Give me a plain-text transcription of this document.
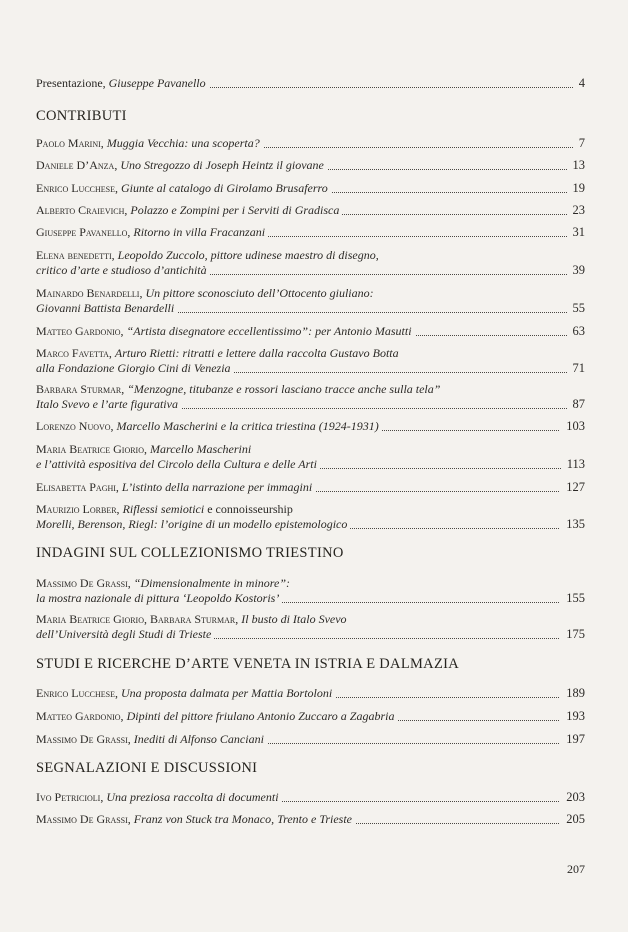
Presentazione, Giuseppe Pavanello	4
CONTRIBUTI
Paolo Marini, Muggia Vecchia: una scoperta?	7
Daniele D’Anza, Uno Stregozzo di Joseph Heintz il giovane	13
Enrico Lucchese, Giunte al catalogo di Girolamo Brusaferro	19
Alberto Craievich, Polazzo e Zompini per i Serviti di Gradisca	23
Giuseppe Pavanello, Ritorno in villa Fracanzani	31
Elena benedetti, Leopoldo Zuccolo, pittore udinese maestro di disegno,
critico d’arte e studioso d’antichità	39
Mainardo Benardelli, Un pittore sconosciuto dell’Ottocento giuliano:
Giovanni Battista Benardelli	55
Matteo Gardonio, “Artista disegnatore eccellentissimo”: per Antonio Masutti	63
Marco Favetta, Arturo Rietti: ritratti e lettere dalla raccolta Gustavo Botta
alla Fondazione Giorgio Cini di Venezia	71
Barbara Sturmar, “Menzogne, titubanze e rossori lasciano tracce anche sulla tela”
Italo Svevo e l’arte figurativa	87
Lorenzo Nuovo, Marcello Mascherini e la critica triestina (1924-1931)	103
Maria Beatrice Giorio, Marcello Mascherini
e l’attività espositiva del Circolo della Cultura e delle Arti	113
Elisabetta Paghi, L’istinto della narrazione per immagini	127
Maurizio Lorber, Riflessi semiotici e connoisseurship
Morelli, Berenson, Riegl: l’origine di un modello epistemologico	135
INDAGINI SUL COLLEZIONISMO TRIESTINO
Massimo De Grassi, “Dimensionalmente in minore”:
la mostra nazionale di pittura ‘Leopoldo Kostoris’	155
Maria Beatrice Giorio, Barbara Sturmar, Il busto di Italo Svevo
dell’Università degli Studi di Trieste	175
STUDI E RICERCHE D’ARTE VENETA IN ISTRIA E DALMAZIA
Enrico Lucchese, Una proposta dalmata per Mattia Bortoloni	189
Matteo Gardonio, Dipinti del pittore friulano Antonio Zuccaro a Zagabria	193
Massimo De Grassi, Inediti di Alfonso Canciani	197
SEGNALAZIONI E DISCUSSIONI
Ivo Petricioli, Una preziosa raccolta di documenti	203
Massimo De Grassi, Franz von Stuck tra Monaco, Trento e Trieste	205
207
